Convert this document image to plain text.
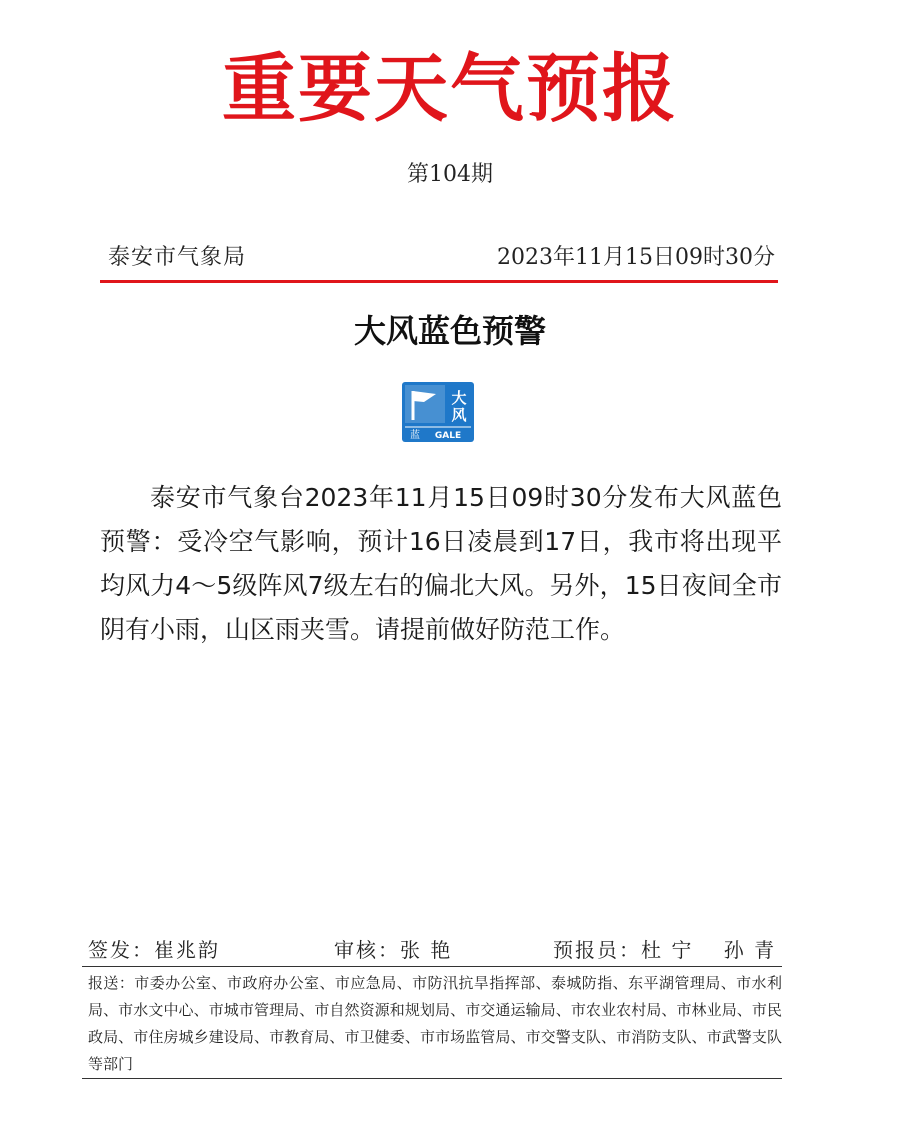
重要天气预报
第104期
泰安市气象局	2023年11月15日09时30分
大风蓝色预警
大
风
蓝 GALE
泰安市气象台2023年11月15日09时30分发布大风蓝色预警：受冷空气影响，预计16日凌晨到17日，我市将出现平均风力4～5级阵风7级左右的偏北大风。另外，15日夜间全市阴有小雨，山区雨夹雪。请提前做好防范工作。
签发：崔兆韵	审核：张 艳	预报员：杜 宁　 孙 青
报送：市委办公室、市政府办公室、市应急局、市防汛抗旱指挥部、泰城防指、东平湖管理局、市水利局、市水文中心、市城市管理局、市自然资源和规划局、市交通运输局、市农业农村局、市林业局、市民政局、市住房城乡建设局、市教育局、市卫健委、市市场监管局、市交警支队、市消防支队、市武警支队等部门
